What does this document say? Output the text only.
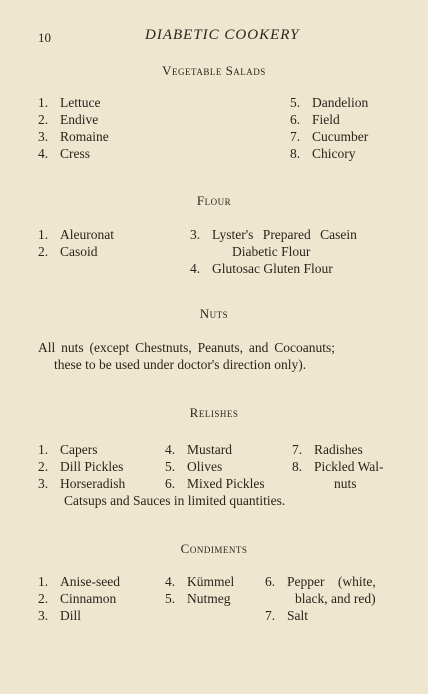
10	DIABETIC COOKERY
Vegetable Salads
1. Lettuce
2. Endive
3. Romaine
4. Cress
5. Dandelion
6. Field
7. Cucumber
8. Chicory
Flour
1. Aleuronat
2. Casoid
3. Lyster's Prepared Casein
Diabetic Flour
4. Glutosac Gluten Flour
Nuts
All nuts (except Chestnuts, Peanuts, and Cocoanuts;
these to be used under doctor's direction only).
Relishes
1. Capers
2. Dill Pickles
3. Horseradish
4. Mustard
5. Olives
6. Mixed Pickles
7. Radishes
8. Pickled Wal-
nuts
Catsups and Sauces in limited quantities.
Condiments
1. Anise-seed
2. Cinnamon
3. Dill
4. Kümmel
5. Nutmeg
6. Pepper (white,
black, and red)
7. Salt
